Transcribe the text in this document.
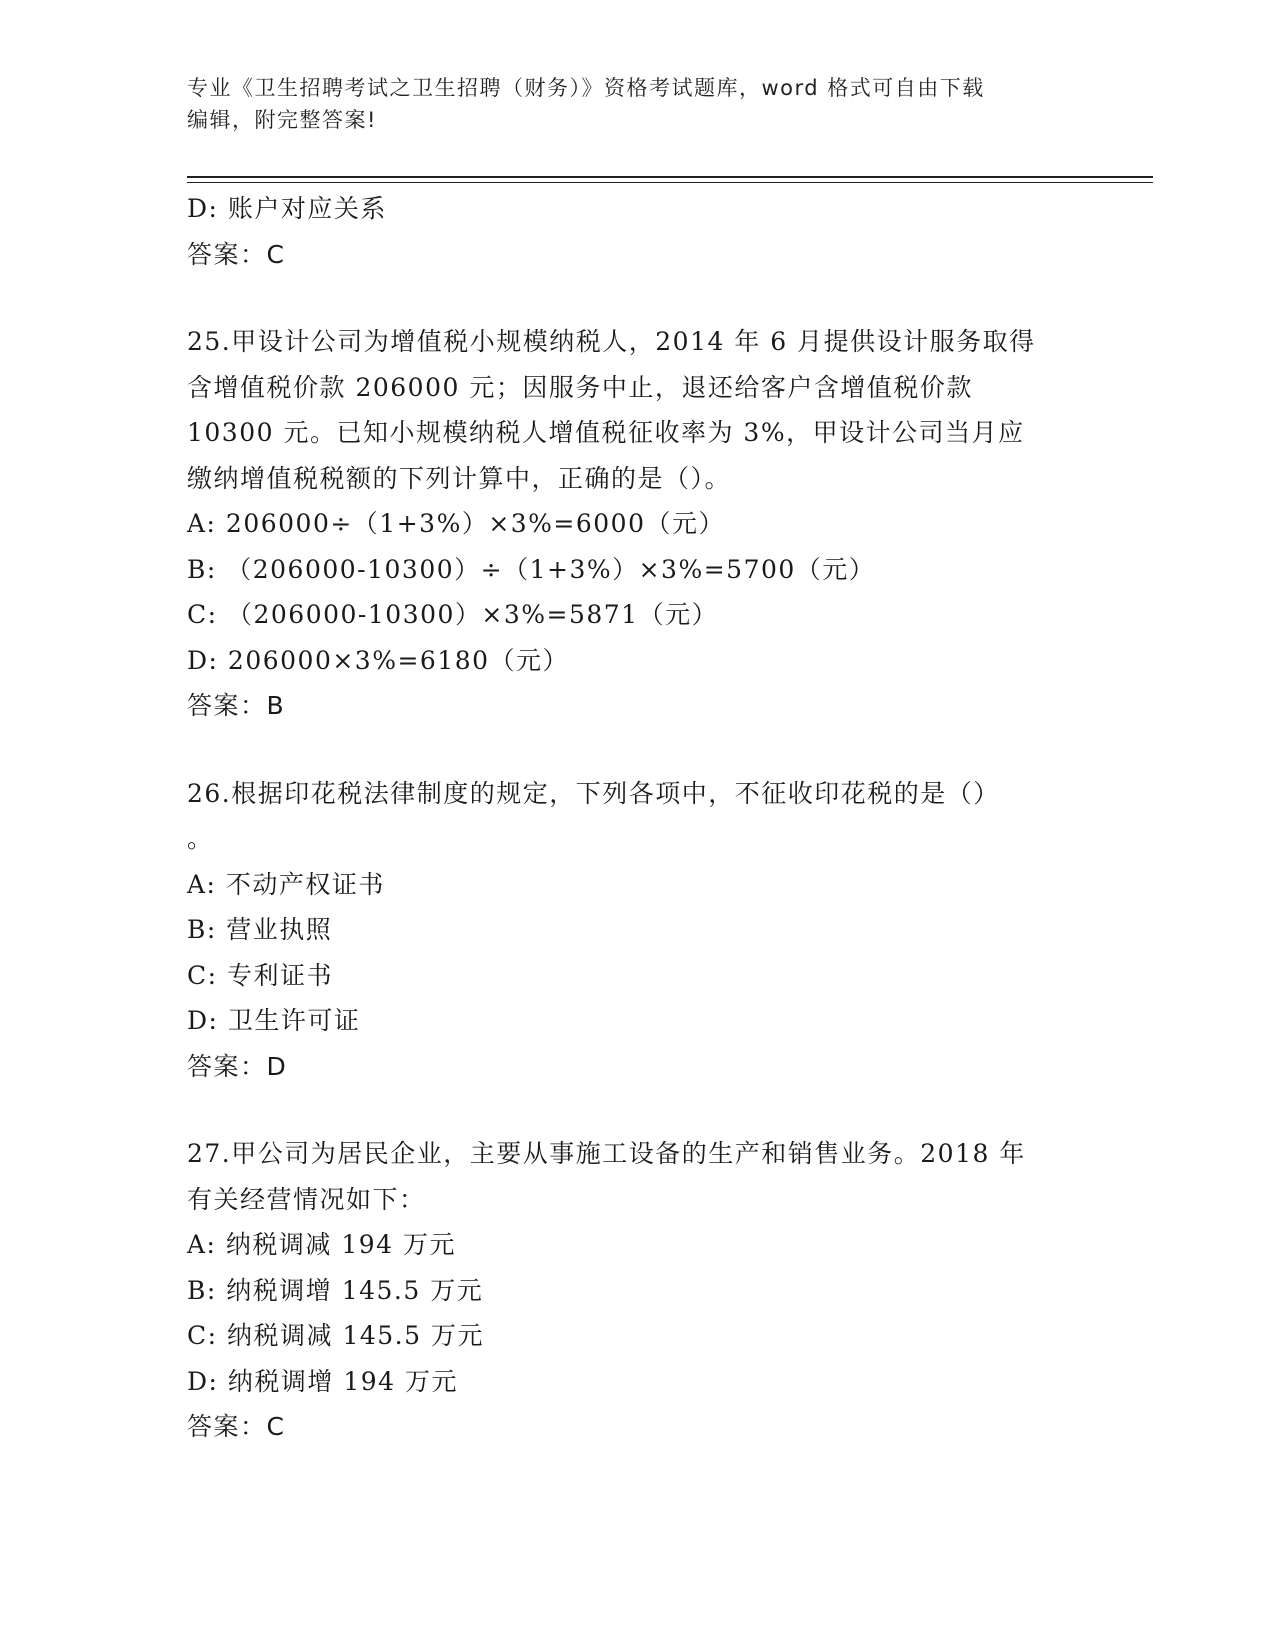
专业《卫生招聘考试之卫生招聘（财务）》资格考试题库，word 格式可自由下载
编辑，附完整答案!
D: 账户对应关系
答案：C
25.甲设计公司为增值税小规模纳税人，2014 年 6 月提供设计服务取得
含增值税价款 206000 元；因服务中止，退还给客户含增值税价款
10300 元。已知小规模纳税人增值税征收率为 3%，甲设计公司当月应
缴纳增值税税额的下列计算中，正确的是（）。
A: 206000÷（1+3%）×3%=6000（元）
B: （206000-10300）÷（1+3%）×3%=5700（元）
C: （206000-10300）×3%=5871（元）
D: 206000×3%=6180（元）
答案：B
26.根据印花税法律制度的规定，下列各项中，不征收印花税的是（）
。
A: 不动产权证书
B: 营业执照
C: 专利证书
D: 卫生许可证
答案：D
27.甲公司为居民企业，主要从事施工设备的生产和销售业务。2018 年
有关经营情况如下：
A: 纳税调减 194 万元
B: 纳税调增 145.5 万元
C: 纳税调减 145.5 万元
D: 纳税调增 194 万元
答案：C
